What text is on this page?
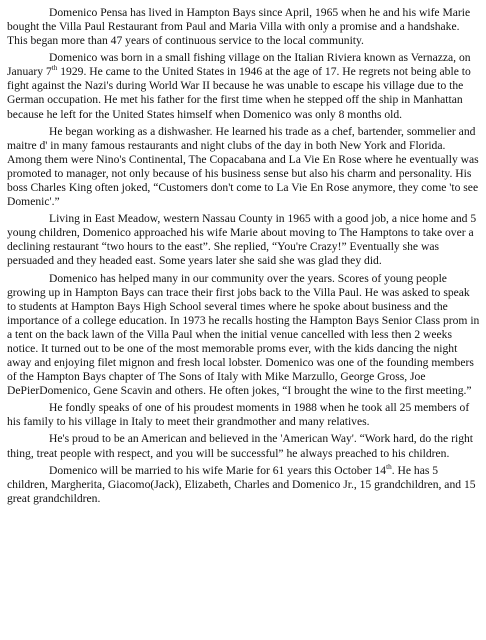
Domenico Pensa has lived in Hampton Bays since April, 1965 when he and his wife Marie bought the Villa Paul Restaurant from Paul and Maria Villa with only a promise and a handshake. This began more than 47 years of continuous service to the local community.

Domenico was born in a small fishing village on the Italian Riviera known as Vernazza, on January 7th 1929. He came to the United States in 1946 at the age of 17. He regrets not being able to fight against the Nazi's during World War II because he was unable to escape his village due to the German occupation. He met his father for the first time when he stepped off the ship in Manhattan because he left for the United States himself when Domenico was only 8 months old.

He began working as a dishwasher. He learned his trade as a chef, bartender, sommelier and maitre d' in many famous restaurants and night clubs of the day in both New York and Florida. Among them were Nino's Continental, The Copacabana and La Vie En Rose where he eventually was promoted to manager, not only because of his business sense but also his charm and personality. His boss Charles King often joked, “Customers don't come to La Vie En Rose anymore, they come 'to see Domenic'.”

Living in East Meadow, western Nassau County in 1965 with a good job, a nice home and 5 young children, Domenico approached his wife Marie about moving to The Hamptons to take over a declining restaurant “two hours to the east”. She replied, “You're Crazy!” Eventually she was persuaded and they headed east. Some years later she said she was glad they did.

Domenico has helped many in our community over the years. Scores of young people growing up in Hampton Bays can trace their first jobs back to the Villa Paul. He was asked to speak to students at Hampton Bays High School several times where he spoke about business and the importance of a college education. In 1973 he recalls hosting the Hampton Bays Senior Class prom in a tent on the back lawn of the Villa Paul when the initial venue cancelled with less then 2 weeks notice. It turned out to be one of the most memorable proms ever, with the kids dancing the night away and enjoying filet mignon and fresh local lobster. Domenico was one of the founding members of the Hampton Bays chapter of The Sons of Italy with Mike Marzullo, George Gross, Joe DePierDomenico, Gene Scavin and others. He often jokes, “I brought the wine to the first meeting.”

He fondly speaks of one of his proudest moments in 1988 when he took all 25 members of his family to his village in Italy to meet their grandmother and many relatives.

He's proud to be an American and believed in the 'American Way'. “Work hard, do the right thing, treat people with respect, and you will be successful” he always preached to his children.

Domenico will be married to his wife Marie for 61 years this October 14th. He has 5 children, Margherita, Giacomo(Jack), Elizabeth, Charles and Domenico Jr., 15 grandchildren, and 15 great grandchildren.
